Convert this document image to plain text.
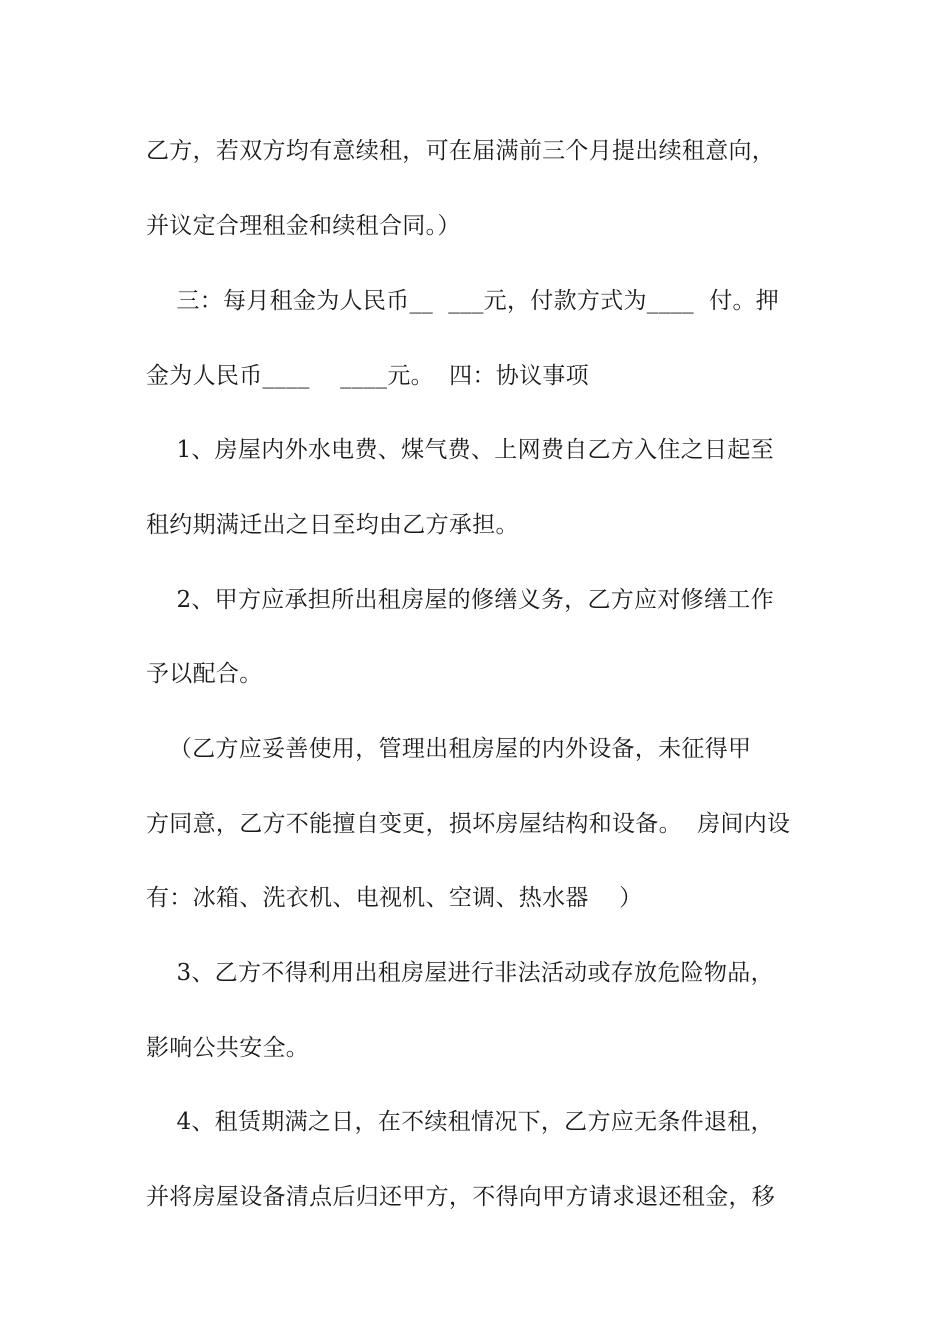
乙方，若双方均有意续租，可在届满前三个月提出续租意向，
并议定合理租金和续租合同。）
三：每月租金为人民币__  ___元，付款方式为____  付。押
金为人民币____    ____元。  四：协议事项
1、房屋内外水电费、煤气费、上网费自乙方入住之日起至
租约期满迁出之日至均由乙方承担。
2、甲方应承担所出租房屋的修缮义务，乙方应对修缮工作
予以配合。
（乙方应妥善使用，管理出租房屋的内外设备，未征得甲
方同意，乙方不能擅自变更，损坏房屋结构和设备。  房间内设
有：冰箱、洗衣机、电视机、空调、热水器    ）
3、乙方不得利用出租房屋进行非法活动或存放危险物品，
影响公共安全。
4、租赁期满之日，在不续租情况下，乙方应无条件退租，
并将房屋设备清点后归还甲方，不得向甲方请求退还租金，移
